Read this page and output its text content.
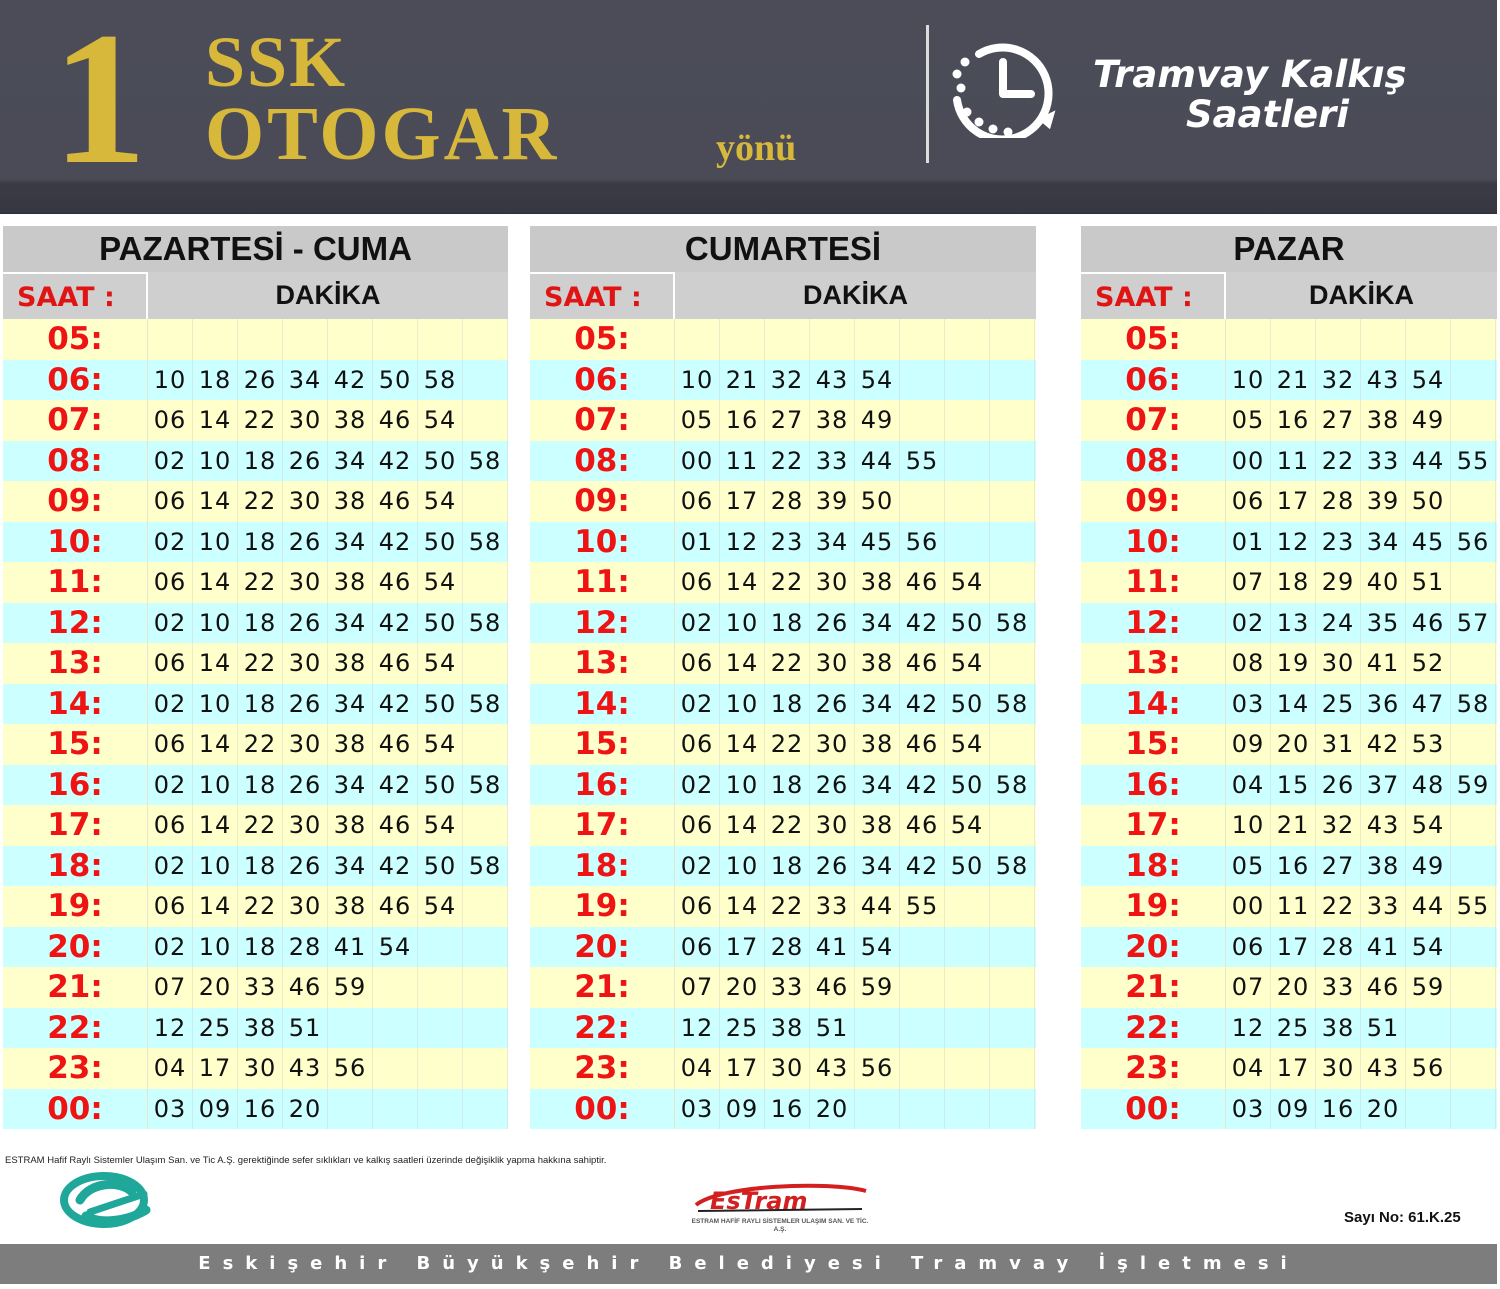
1 SSK
OTOGAR	yönü
Tramvay Kalkış
Saatleri
PAZARTESİ - CUMA
SAAT :	DAKİKA
05:
06:	10 18 26 34 42 50 58
07:	06 14 22 30 38 46 54
08:	02 10 18 26 34 42 50 58
09:	06 14 22 30 38 46 54
10:	02 10 18 26 34 42 50 58
11:	06 14 22 30 38 46 54
12:	02 10 18 26 34 42 50 58
13:	06 14 22 30 38 46 54
14:	02 10 18 26 34 42 50 58
15:	06 14 22 30 38 46 54
16:	02 10 18 26 34 42 50 58
17:	06 14 22 30 38 46 54
18:	02 10 18 26 34 42 50 58
19:	06 14 22 30 38 46 54
20:	02 10 18 28 41 54
21:	07 20 33 46 59
22:	12 25 38 51
23:	04 17 30 43 56
00:	03 09 16 20
CUMARTESİ
SAAT :	DAKİKA
05:
06:	10 21 32 43 54
07:	05 16 27 38 49
08:	00 11 22 33 44 55
09:	06 17 28 39 50
10:	01 12 23 34 45 56
11:	06 14 22 30 38 46 54
12:	02 10 18 26 34 42 50 58
13:	06 14 22 30 38 46 54
14:	02 10 18 26 34 42 50 58
15:	06 14 22 30 38 46 54
16:	02 10 18 26 34 42 50 58
17:	06 14 22 30 38 46 54
18:	02 10 18 26 34 42 50 58
19:	06 14 22 33 44 55
20:	06 17 28 41 54
21:	07 20 33 46 59
22:	12 25 38 51
23:	04 17 30 43 56
00:	03 09 16 20
PAZAR
SAAT :	DAKİKA
05:
06:	10 21 32 43 54
07:	05 16 27 38 49
08:	00 11 22 33 44 55
09:	06 17 28 39 50
10:	01 12 23 34 45 56
11:	07 18 29 40 51
12:	02 13 24 35 46 57
13:	08 19 30 41 52
14:	03 14 25 36 47 58
15:	09 20 31 42 53
16:	04 15 26 37 48 59
17:	10 21 32 43 54
18:	05 16 27 38 49
19:	00 11 22 33 44 55
20:	06 17 28 41 54
21:	07 20 33 46 59
22:	12 25 38 51
23:	04 17 30 43 56
00:	03 09 16 20
ESTRAM Hafif Raylı Sistemler Ulaşım San. ve Tic A.Ş. gerektiğinde sefer sıklıkları ve kalkış saatleri üzerinde değişiklik yapma hakkına sahiptir.
EsTram
ESTRAM HAFİF RAYLI SİSTEMLER ULAŞIM SAN. VE TİC. A.Ş.
Sayı No: 61.K.25
Eskişehir Büyükşehir Belediyesi Tramvay İşletmesi
